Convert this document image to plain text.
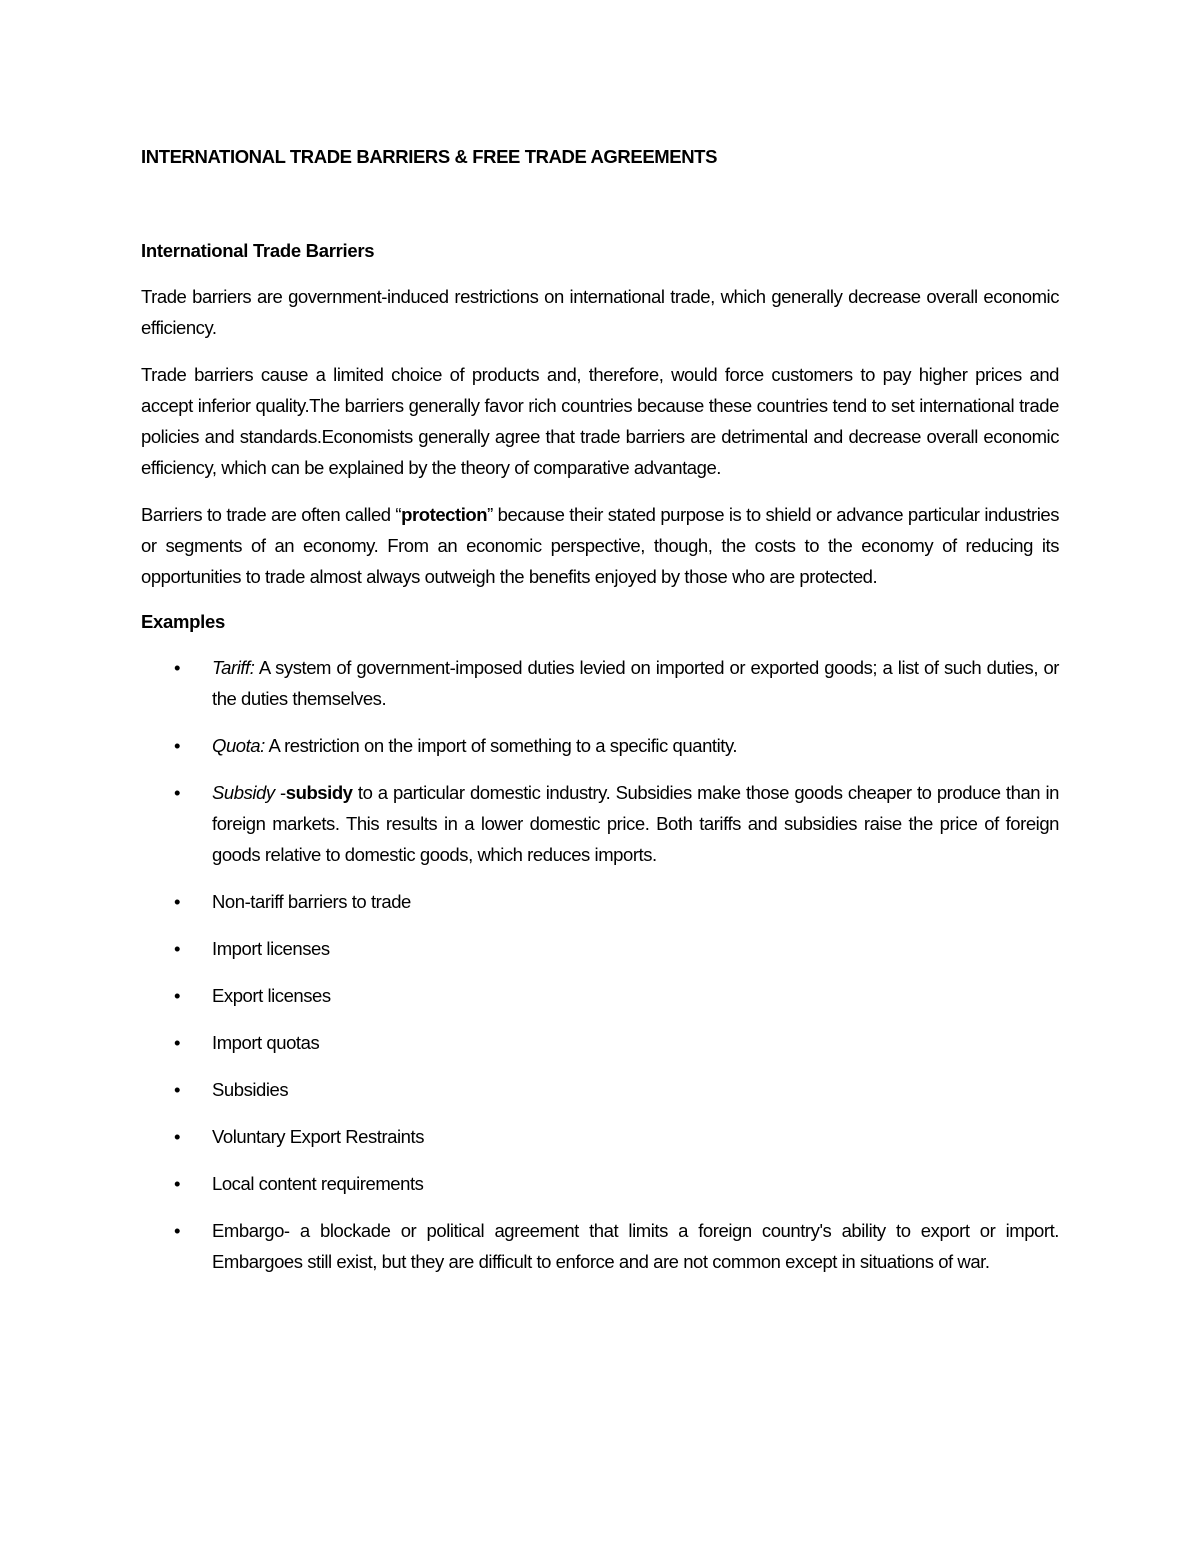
INTERNATIONAL TRADE BARRIERS & FREE TRADE AGREEMENTS
International Trade Barriers

Trade barriers are government-induced restrictions on international trade, which generally decrease overall economic efficiency.

Trade barriers cause a limited choice of products and, therefore, would force customers to pay higher prices and accept inferior quality.The barriers generally favor rich countries because these countries tend to set international trade policies and standards.Economists generally agree that trade barriers are detrimental and decrease overall economic efficiency, which can be explained by the theory of comparative advantage.

Barriers to trade are often called “protection” because their stated purpose is to shield or advance particular industries or segments of an economy. From an economic perspective, though, the costs to the economy of reducing its opportunities to trade almost always outweigh the benefits enjoyed by those who are protected.

Examples
• Tariff: A system of government-imposed duties levied on imported or exported goods; a list of such duties, or the duties themselves.
• Quota: A restriction on the import of something to a specific quantity.
• Subsidy -subsidy to a particular domestic industry. Subsidies make those goods cheaper to produce than in foreign markets. This results in a lower domestic price. Both tariffs and subsidies raise the price of foreign goods relative to domestic goods, which reduces imports.
• Non-tariff barriers to trade
• Import licenses
• Export licenses
• Import quotas
• Subsidies
• Voluntary Export Restraints
• Local content requirements
• Embargo- a blockade or political agreement that limits a foreign country's ability to export or import. Embargoes still exist, but they are difficult to enforce and are not common except in situations of war.
